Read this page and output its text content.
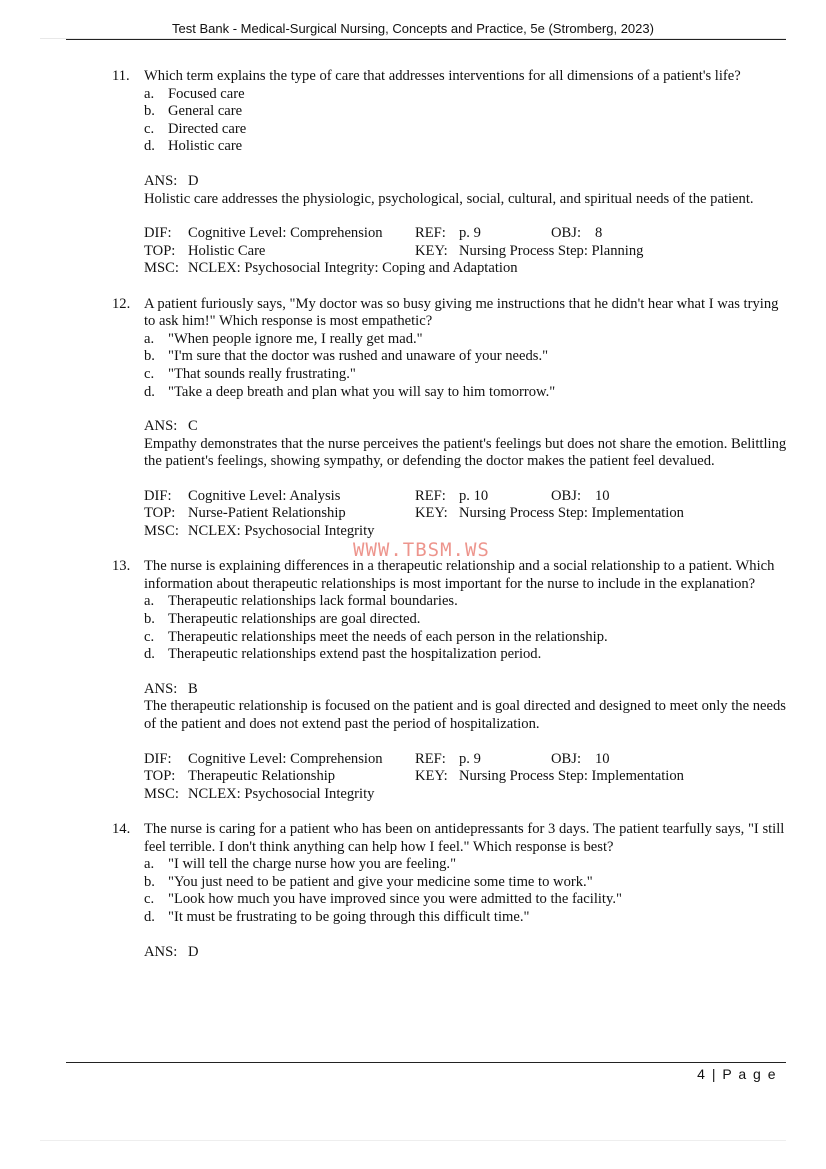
Test Bank - Medical-Surgical Nursing, Concepts and Practice, 5e (Stromberg, 2023)
11. Which term explains the type of care that addresses interventions for all dimensions of a patient's life?

a. Focused care
b. General care
c. Directed care
d. Holistic care
ANS: D
Holistic care addresses the physiologic, psychological, social, cultural, and spiritual needs of the patient.
DIF:	Cognitive Level: Comprehension	REF: p. 9	OBJ: 8
TOP: Holistic Care	KEY: Nursing Process Step: Planning
MSC: NCLEX: Psychosocial Integrity: Coping and Adaptation
12. A patient furiously says, "My doctor was so busy giving me instructions that he didn't hear what I was trying to ask him!" Which response is most empathetic?

a. "When people ignore me, I really get mad."
b. "I'm sure that the doctor was rushed and unaware of your needs."
c. "That sounds really frustrating."
d. "Take a deep breath and plan what you will say to him tomorrow."
ANS: C
Empathy demonstrates that the nurse perceives the patient's feelings but does not share the emotion. Belittling the patient's feelings, showing sympathy, or defending the doctor makes the patient feel devalued.
DIF:	Cognitive Level: Analysis	REF: p. 10	OBJ: 10
TOP: Nurse-Patient Relationship	KEY: Nursing Process Step: Implementation
MSC: NCLEX: Psychosocial Integrity
13. The nurse is explaining differences in a therapeutic relationship and a social relationship to a patient. Which information about therapeutic relationships is most important for the nurse to include in the explanation?

a. Therapeutic relationships lack formal boundaries.
b. Therapeutic relationships are goal directed.
c. Therapeutic relationships meet the needs of each person in the relationship.
d. Therapeutic relationships extend past the hospitalization period.
ANS: B
The therapeutic relationship is focused on the patient and is goal directed and designed to meet only the needs of the patient and does not extend past the period of hospitalization.
DIF:	Cognitive Level: Comprehension	REF: p. 9	OBJ: 10
TOP: Therapeutic Relationship	KEY: Nursing Process Step: Implementation
MSC: NCLEX: Psychosocial Integrity
14. The nurse is caring for a patient who has been on antidepressants for 3 days. The patient tearfully says, "I still feel terrible. I don't think anything can help how I feel." Which response is best?

a. "I will tell the charge nurse how you are feeling."
b. "You just need to be patient and give your medicine some time to work."
c. "Look how much you have improved since you were admitted to the facility."
d. "It must be frustrating to be going through this difficult time."
ANS: D
WWW.TBSM.WS
4 | P a g e
